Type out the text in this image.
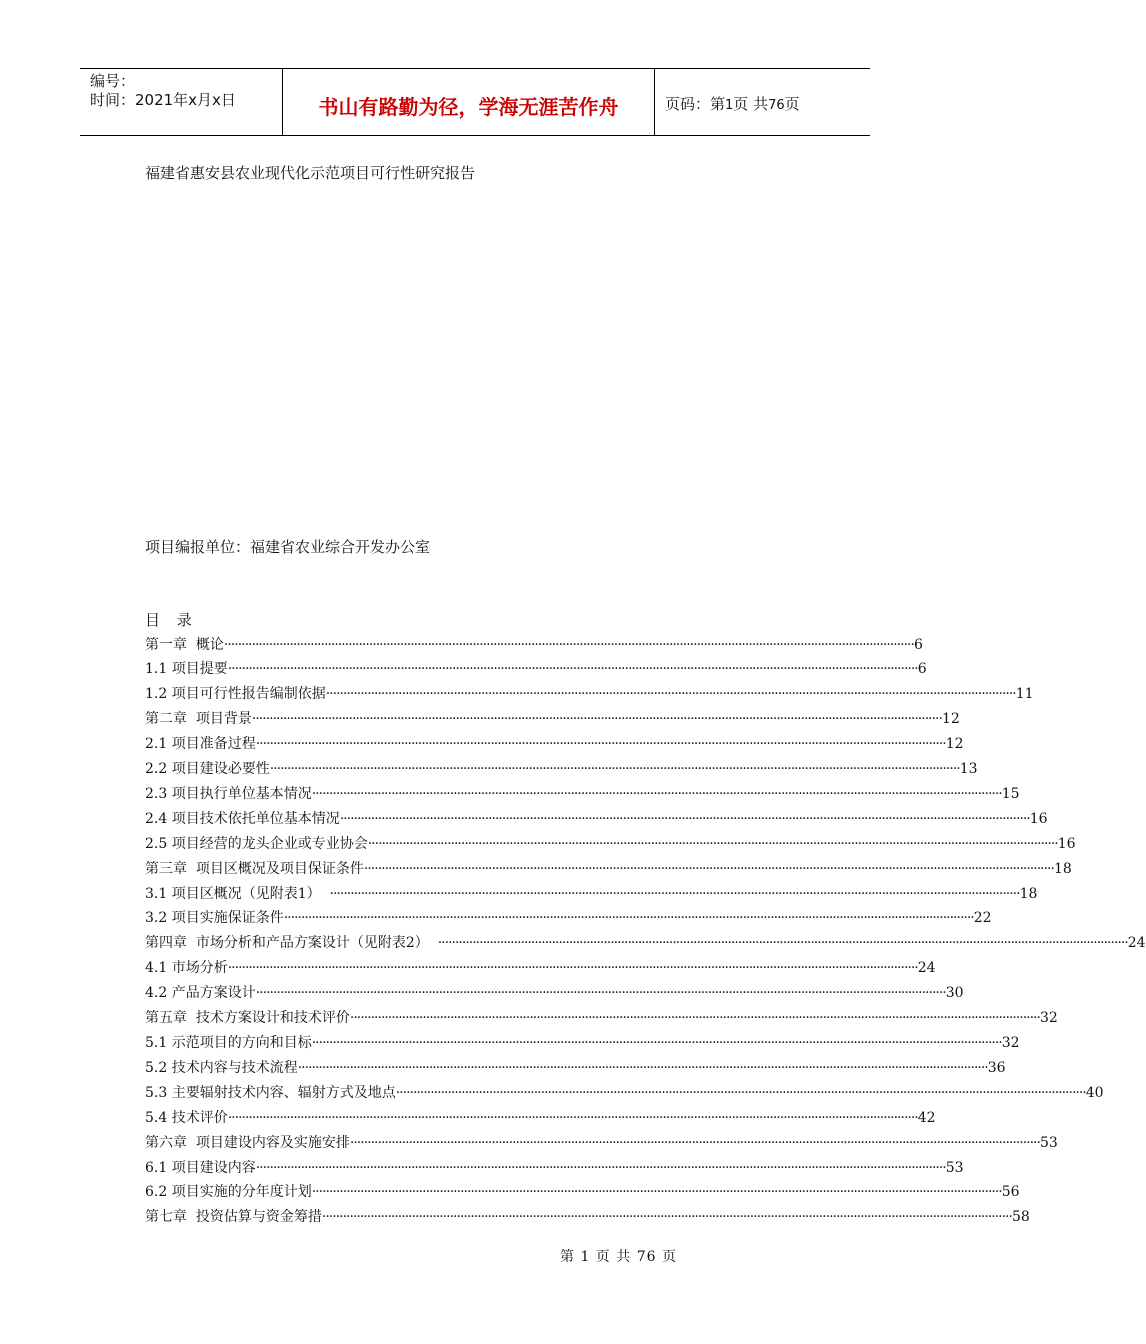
编号：
时间：2021年x月x日	书山有路勤为径，学海无涯苦作舟	页码：第1页 共76页
福建省惠安县农业现代化示范项目可行性研究报告
项目编报单位：福建省农业综合开发办公室
目 录
第一章  概论 ········································································································································································································ 6
1.1 项目提要 ········································································································································································································ 6
1.2 项目可行性报告编制依据 ········································································································································································································ 11
第二章  项目背景 ········································································································································································································ 12
2.1 项目准备过程 ········································································································································································································ 12
2.2 项目建设必要性 ········································································································································································································ 13
2.3 项目执行单位基本情况 ········································································································································································································ 15
2.4 项目技术依托单位基本情况 ········································································································································································································ 16
2.5 项目经营的龙头企业或专业协会 ········································································································································································································ 16
第三章  项目区概况及项目保证条件 ········································································································································································································ 18
3.1 项目区概况（见附表1） ········································································································································································································ 18
3.2 项目实施保证条件 ········································································································································································································ 22
第四章  市场分析和产品方案设计（见附表2） ········································································································································································································ 24
4.1 市场分析 ········································································································································································································ 24
4.2 产品方案设计 ········································································································································································································ 30
第五章  技术方案设计和技术评价 ········································································································································································································ 32
5.1 示范项目的方向和目标 ········································································································································································································ 32
5.2 技术内容与技术流程 ········································································································································································································ 36
5.3 主要辐射技术内容、辐射方式及地点 ········································································································································································································ 40
5.4 技术评价 ········································································································································································································ 42
第六章  项目建设内容及实施安排 ········································································································································································································ 53
6.1 项目建设内容 ········································································································································································································ 53
6.2 项目实施的分年度计划 ········································································································································································································ 56
第七章  投资估算与资金筹措 ········································································································································································································ 58
第 1 页 共 76 页
